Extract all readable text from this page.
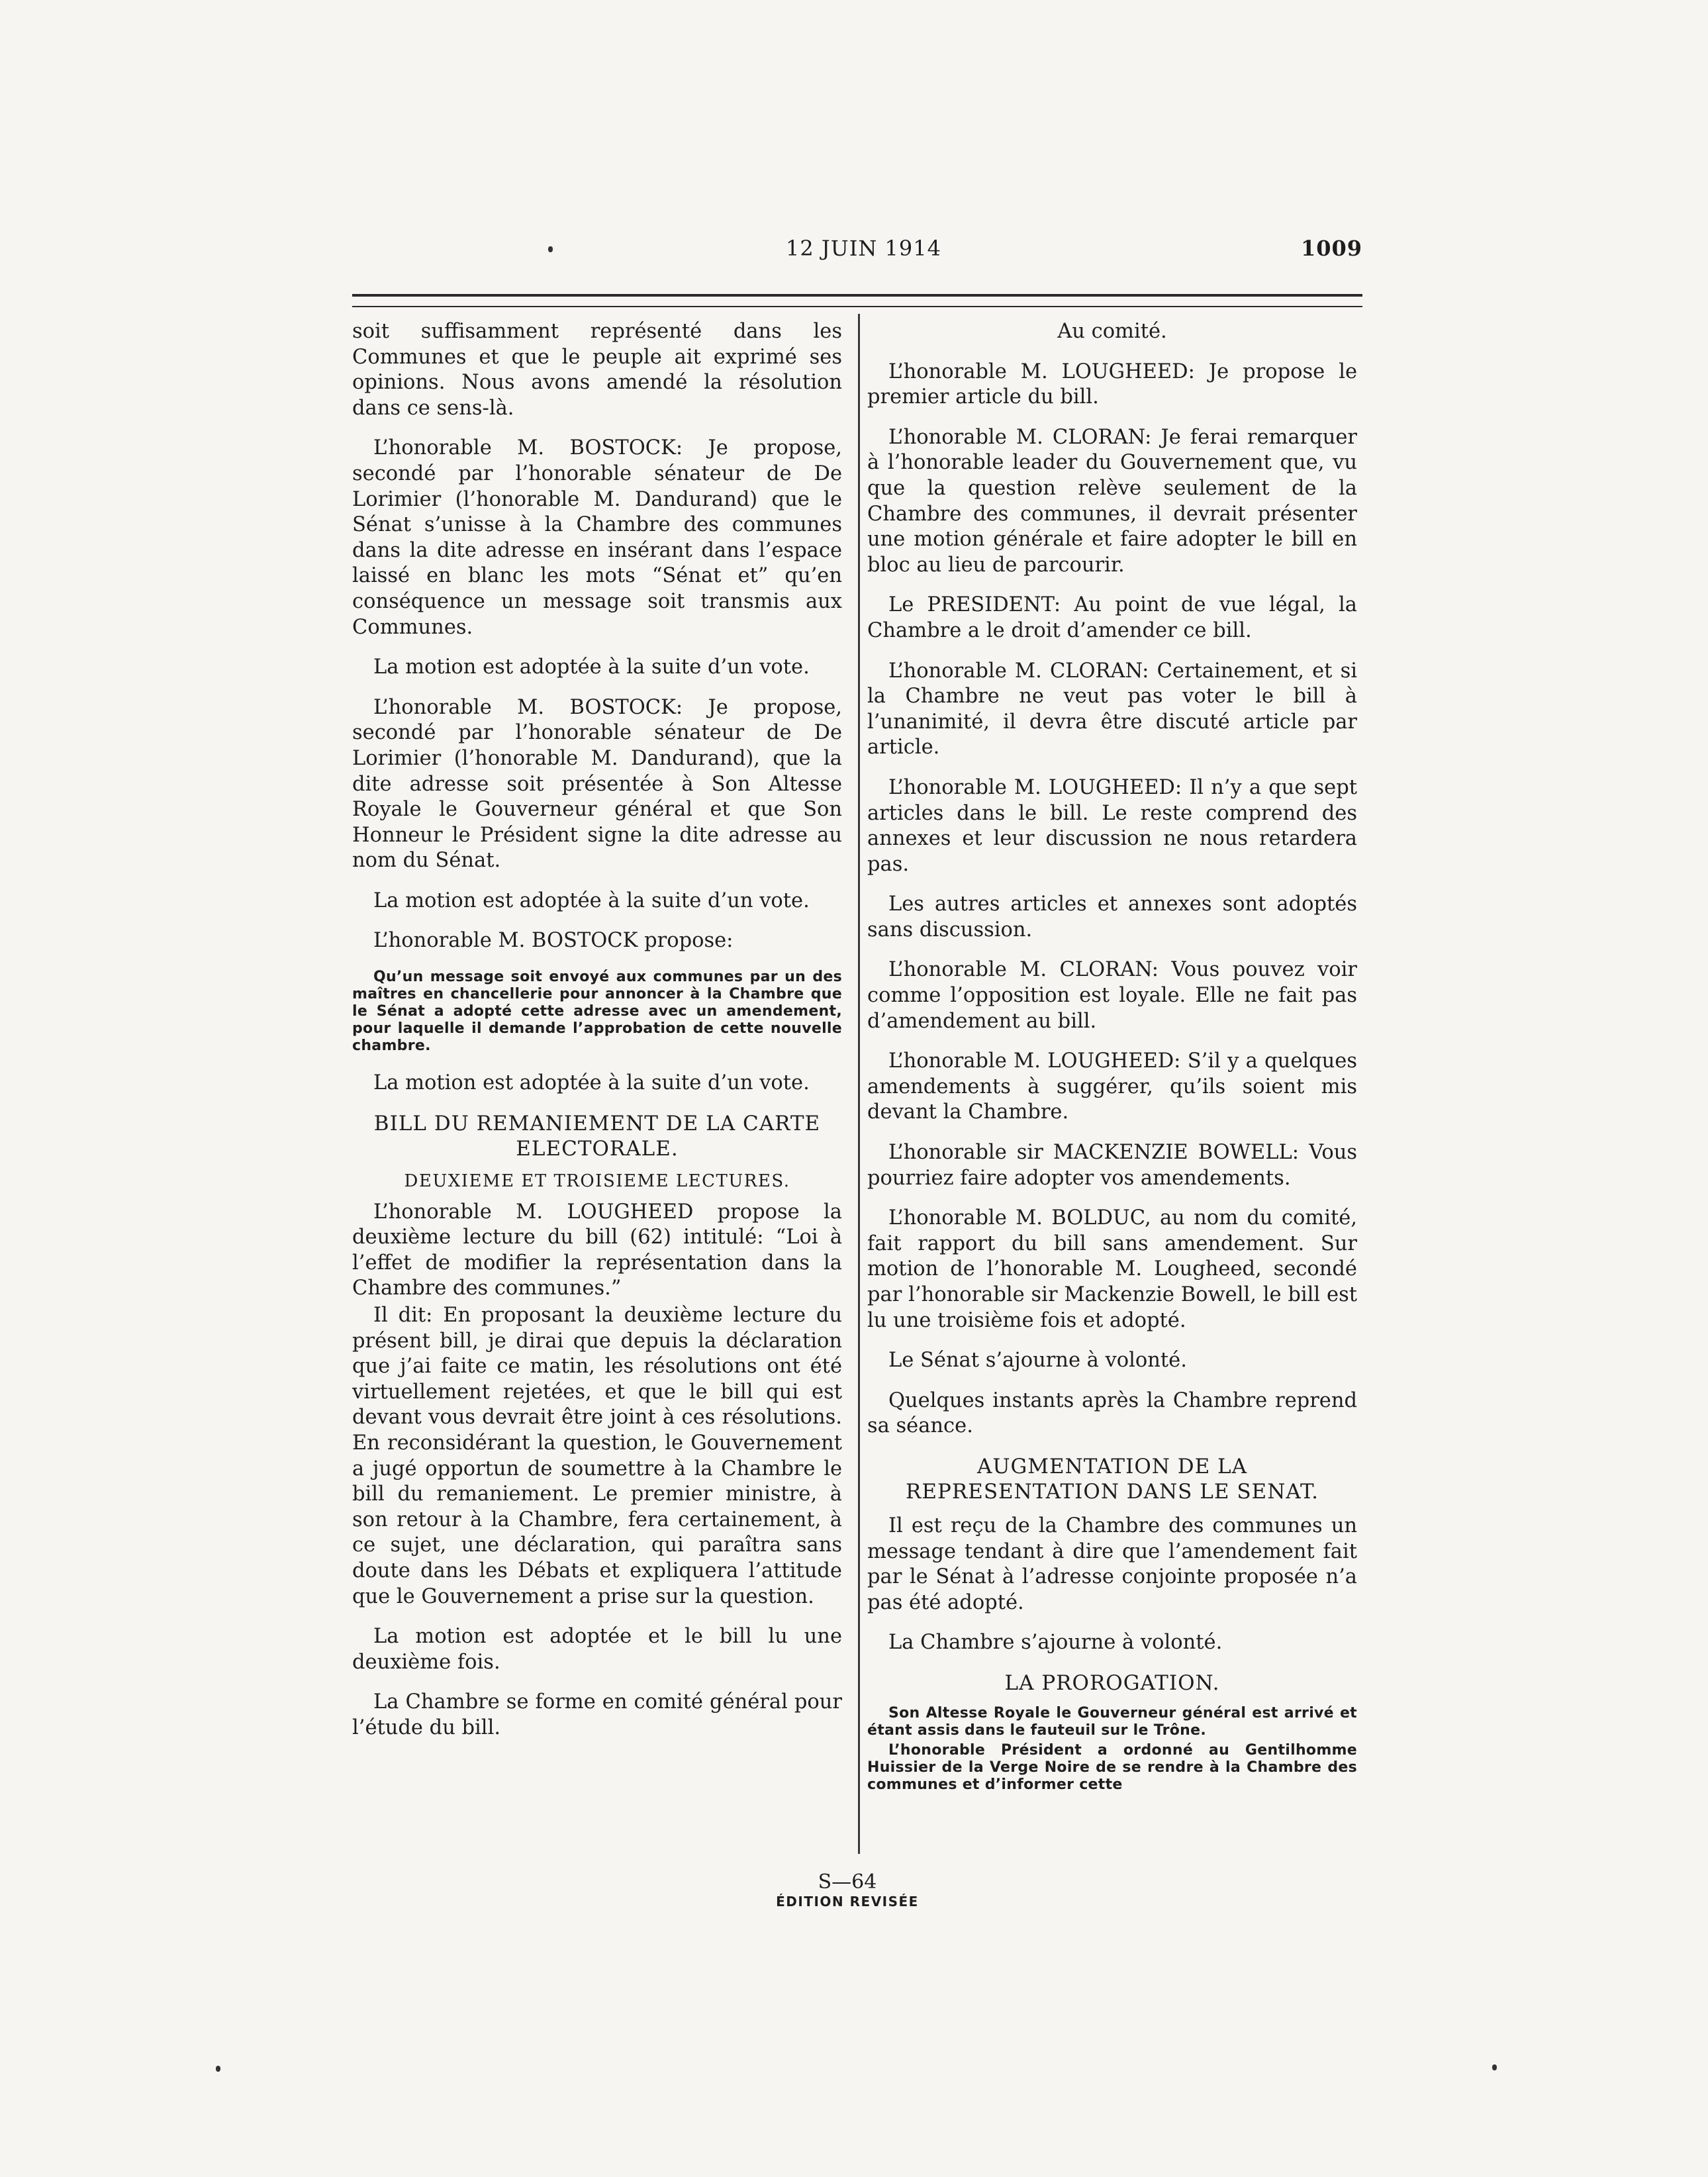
12 JUIN 1914	1009

soit suffisamment représenté dans les Communes et que le peuple ait exprimé ses opinions. Nous avons amendé la résolution dans ce sens-là.

L’honorable M. BOSTOCK: Je propose, secondé par l’honorable sénateur de De Lorimier (l’honorable M. Dandurand) que le Sénat s’unisse à la Chambre des communes dans la dite adresse en insérant dans l’espace laissé en blanc les mots “Sénat et” qu’en conséquence un message soit transmis aux Communes.

La motion est adoptée à la suite d’un vote.

L’honorable M. BOSTOCK: Je propose, secondé par l’honorable sénateur de De Lorimier (l’honorable M. Dandurand), que la dite adresse soit présentée à Son Altesse Royale le Gouverneur général et que Son Honneur le Président signe la dite adresse au nom du Sénat.

La motion est adoptée à la suite d’un vote.

L’honorable M. BOSTOCK propose:

Qu’un message soit envoyé aux communes par un des maîtres en chancellerie pour annoncer à la Chambre que le Sénat a adopté cette adresse avec un amendement, pour laquelle il demande l’approbation de cette nouvelle chambre.

La motion est adoptée à la suite d’un vote.

BILL DU REMANIEMENT DE LA CARTE ELECTORALE.
DEUXIEME ET TROISIEME LECTURES.

L’honorable M. LOUGHEED propose la deuxième lecture du bill (62) intitulé: “Loi à l’effet de modifier la représentation dans la Chambre des communes.”

Il dit: En proposant la deuxième lecture du présent bill, je dirai que depuis la déclaration que j’ai faite ce matin, les résolutions ont été virtuellement rejetées, et que le bill qui est devant vous devrait être joint à ces résolutions. En reconsidérant la question, le Gouvernement a jugé opportun de soumettre à la Chambre le bill du remaniement. Le premier ministre, à son retour à la Chambre, fera certainement, à ce sujet, une déclaration, qui paraîtra sans doute dans les Débats et expliquera l’attitude que le Gouvernement a prise sur la question.

La motion est adoptée et le bill lu une deuxième fois.

La Chambre se forme en comité général pour l’étude du bill.

Au comité.

L’honorable M. LOUGHEED: Je propose le premier article du bill.

L’honorable M. CLORAN: Je ferai remarquer à l’honorable leader du Gouvernement que, vu que la question relève seulement de la Chambre des communes, il devrait présenter une motion générale et faire adopter le bill en bloc au lieu de parcourir.

Le PRESIDENT: Au point de vue légal, la Chambre a le droit d’amender ce bill.

L’honorable M. CLORAN: Certainement, et si la Chambre ne veut pas voter le bill à l’unanimité, il devra être discuté article par article.

L’honorable M. LOUGHEED: Il n’y a que sept articles dans le bill. Le reste comprend des annexes et leur discussion ne nous retardera pas.

Les autres articles et annexes sont adoptés sans discussion.

L’honorable M. CLORAN: Vous pouvez voir comme l’opposition est loyale. Elle ne fait pas d’amendement au bill.

L’honorable M. LOUGHEED: S’il y a quelques amendements à suggérer, qu’ils soient mis devant la Chambre.

L’honorable sir MACKENZIE BOWELL: Vous pourriez faire adopter vos amendements.

L’honorable M. BOLDUC, au nom du comité, fait rapport du bill sans amendement. Sur motion de l’honorable M. Lougheed, secondé par l’honorable sir Mackenzie Bowell, le bill est lu une troisième fois et adopté.

Le Sénat s’ajourne à volonté.

Quelques instants après la Chambre reprend sa séance.

AUGMENTATION DE LA REPRESENTATION DANS LE SENAT.

Il est reçu de la Chambre des communes un message tendant à dire que l’amendement fait par le Sénat à l’adresse conjointe proposée n’a pas été adopté.

La Chambre s’ajourne à volonté.

LA PROROGATION.

Son Altesse Royale le Gouverneur général est arrivé et étant assis dans le fauteuil sur le Trône.

L’honorable Président a ordonné au Gentilhomme Huissier de la Verge Noire de se rendre à la Chambre des communes et d’informer cette

S—64
ÉDITION REVISÉE
